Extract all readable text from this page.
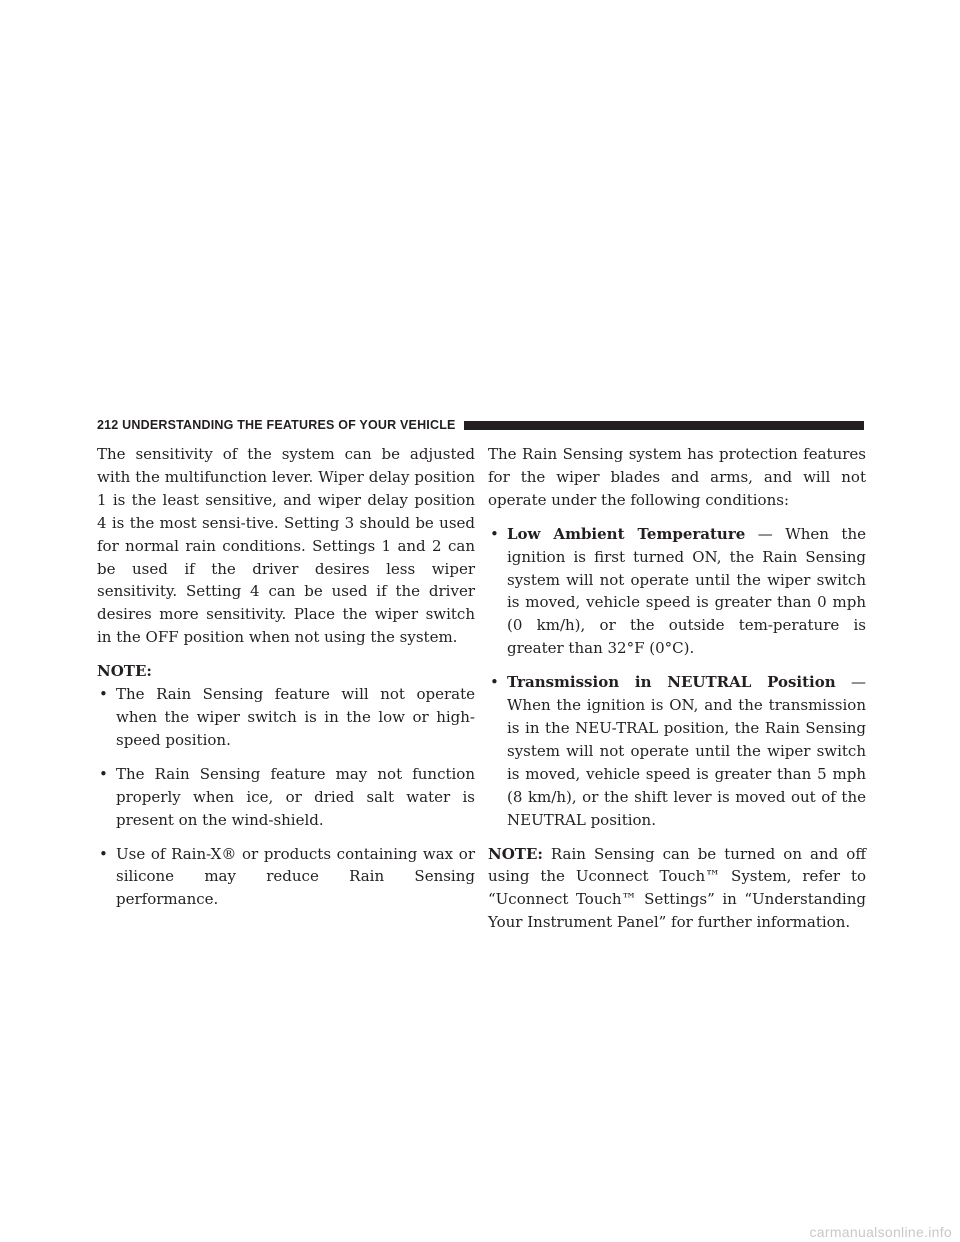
212 UNDERSTANDING THE FEATURES OF YOUR VEHICLE

The sensitivity of the system can be adjusted with the multifunction lever. Wiper delay position 1 is the least sensitive, and wiper delay position 4 is the most sensi-tive. Setting 3 should be used for normal rain conditions. Settings 1 and 2 can be used if the driver desires less wiper sensitivity. Setting 4 can be used if the driver desires more sensitivity. Place the wiper switch in the OFF position when not using the system.

NOTE:
• The Rain Sensing feature will not operate when the wiper switch is in the low or high-speed position.
• The Rain Sensing feature may not function properly when ice, or dried salt water is present on the wind-shield.
• Use of Rain-X® or products containing wax or silicone may reduce Rain Sensing performance.

The Rain Sensing system has protection features for the wiper blades and arms, and will not operate under the following conditions:

• Low Ambient Temperature — When the ignition is first turned ON, the Rain Sensing system will not operate until the wiper switch is moved, vehicle speed is greater than 0 mph (0 km/h), or the outside tem-perature is greater than 32°F (0°C).
• Transmission in NEUTRAL Position — When the ignition is ON, and the transmission is in the NEU-TRAL position, the Rain Sensing system will not operate until the wiper switch is moved, vehicle speed is greater than 5 mph (8 km/h), or the shift lever is moved out of the NEUTRAL position.

NOTE: Rain Sensing can be turned on and off using the Uconnect Touch™ System, refer to “Uconnect Touch™ Settings” in “Understanding Your Instrument Panel” for further information.

carmanualsonline.info
